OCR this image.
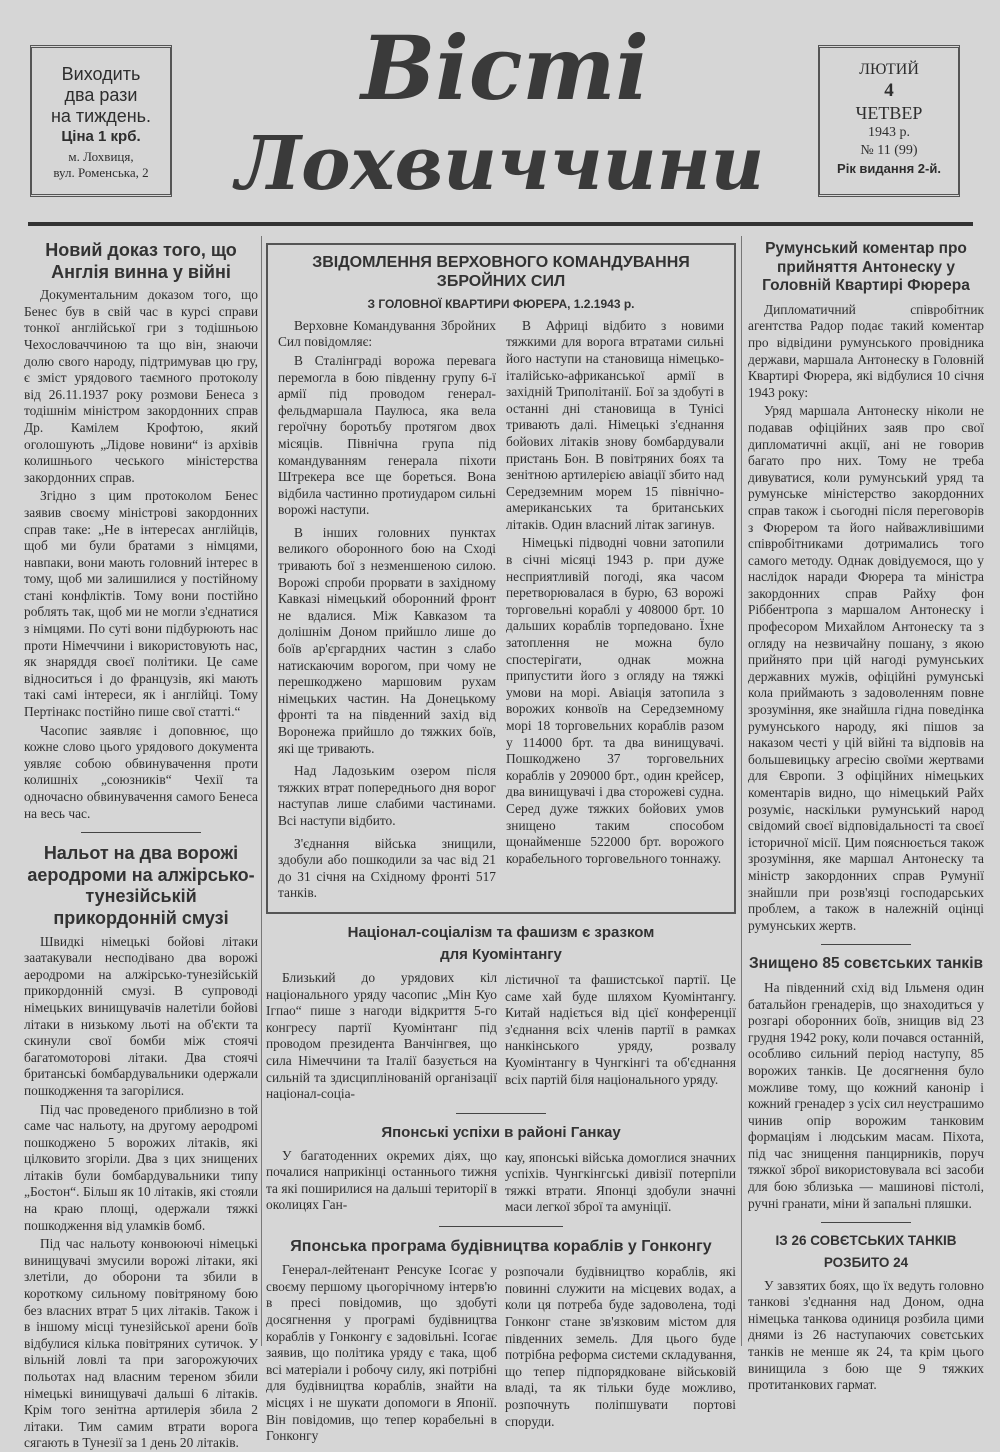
Виходить
два рази
на тиждень.
Ціна 1 крб.
м. Лохвиця,
вул. Роменська, 2
Вісті
Лохвиччини
ЛЮТИЙ
4
ЧЕТВЕР
1943 р.
№ 11 (99)
Рік видання 2-й.
Новий доказ того, що Англія винна у війні

Документальним доказом того, що Бенес був в свій час в курсі справи тонкої англійської гри з тодішньою Чехословаччиною та що він, знаючи долю свого народу, підтримував цю гру, є зміст урядового таємного протоколу від 26.11.1937 року розмови Бенеса з тодішнім міністром закордонних справ Др. Камілем Крофтою, який оголошують „Лідове новини“ із архівів колишнього чеського міністерства закордонних справ.

Згідно з цим протоколом Бенес заявив своєму міністрові закордонних справ таке: „Не в інтересах англійців, щоб ми були братами з німцями, навпаки, вони мають головний інтерес в тому, щоб ми залишилися у постійному стані конфліктів. Тому вони постійно роблять так, щоб ми не могли з'єднатися з німцями. По суті вони підбурюють нас проти Німеччини і використовують нас, як знаряддя своєї політики. Це саме відноситься і до французів, які мають такі самі інтереси, як і англійці. Тому Пертінакс постійно пише свої статті.“

Часопис заявляє і доповнює, що кожне слово цього урядового документа уявляє собою обвинувачення проти колишніх „союзників“ Чехії та одночасно обвинувачення самого Бенеса на весь час.

Нальот на два ворожі аеродроми на алжірсько-тунезійській прикордонній смузі

Швидкі німецькі бойові літаки заатакували несподівано два ворожі аеродроми на алжірсько-тунезійській прикордонній смузі. В супроводі німецьких винищувачів налетіли бойові літаки в низькому льоті на об'єкти та скинули свої бомби між стоячі багатомоторові літаки. Два стоячі британські бомбардувальники одержали пошкодження та загорілися.

Під час проведеного приблизно в той саме час нальоту, на другому аеродромі пошкоджено 5 ворожих літаків, які цілковито згоріли. Два з цих знищених літаків були бомбардувальники типу „Бостон“. Більш як 10 літаків, які стояли на краю площі, одержали тяжкі пошкодження від уламків бомб.

Під час нальоту конвоюючі німецькі винищувачі змусили ворожі літаки, які злетіли, до оборони та збили в короткому сильному повітряному бою без власних втрат 5 цих літаків. Також і в іншому місці тунезійської арени боїв відбулися кілька повітряних сутичок. У вільній ловлі та при загорожуючих польотах над власним тереном збили німецькі винищувачі дальші 6 літаків. Крім того зенітна артилерія збила 2 літаки. Тим самим втрати ворога сягають в Тунезії за 1 день 20 літаків.

ЗВІДОМЛЕННЯ ВЕРХОВНОГО КОМАНДУВАННЯ ЗБРОЙНИХ СИЛ
З ГОЛОВНОЇ КВАРТИРИ ФЮРЕРА, 1.2.1943 р.

Верховне Командування Збройних Сил повідомляє:

В Сталінграді ворожа перевага перемогла в бою південну групу 6-ї армії під проводом генерал-фельдмаршала Паулюса, яка вела героїчну боротьбу протягом двох місяців. Північна група під командуванням генерала піхоти Штрекера все ще бореться. Вона відбила частинно протиударом сильні ворожі наступи.

В інших головних пунктах великого оборонного бою на Сході тривають бої з незменшеною силою. Ворожі спроби прорвати в західному Кавказі німецький оборонний фронт не вдалися. Між Кавказом та долішнім Доном прийшло лише до боїв ар'єргардних частин з слабо натискаючим ворогом, при чому не перешкоджено маршовим рухам німецьких частин. На Донецькому фронті та на південний захід від Воронежа прийшло до тяжких боїв, які ще тривають.

Над Ладозьким озером після тяжких втрат попереднього дня ворог наступав лише слабими частинами. Всі наступи відбито.

З'єднання війська знищили, здобули або пошкодили за час від 21 до 31 січня на Східному фронті 517 танків.

В Африці відбито з новими тяжкими для ворога втратами сильні його наступи на становища німецько-італійсько-африканської армії в західній Триполітанії. Бої за здобуті в останні дні становища в Тунісі тривають далі. Німецькі з'єднання бойових літаків знову бомбардували пристань Бон. В повітряних боях та зенітною артилерією авіації збито над Середземним морем 15 північно-американських та британських літаків. Один власний літак загинув.

Німецькі підводні човни затопили в січні місяці 1943 р. при дуже несприятливій погоді, яка часом перетворювалася в бурю, 63 ворожі торговельні кораблі у 408000 брт. 10 дальших кораблів торпедовано. Їхне затоплення не можна було спостерігати, однак можна припустити його з огляду на тяжкі умови на морі. Авіація затопила з ворожих конвоїв на Середземному морі 18 торговельних кораблів разом у 114000 брт. та два винищувачі. Пошкоджено 37 торговельних кораблів у 209000 брт., один крейсер, два винищувачі і два сторожеві судна. Серед дуже тяжких бойових умов знищено таким способом щонайменше 522000 брт. ворожого корабельного торговельного тоннажу.

Націонал-соціалізм та фашизм є зразком
для Куомінтангу

Близький до урядових кіл національного уряду часопис „Мін Куо Ігпао“ пише з нагоди відкриття 5-го конгресу партії Куомінтанг під проводом президента Ванчінгвея, що сила Німеччини та Італії базується на сильній та здисциплінованій організації націонал-соціа-

лістичної та фашистської партії. Це саме хай буде шляхом Куомінтангу. Китай надіється від цієї конференції з'єднання всіх членів партії в рамках нанкінського уряду, розвалу Куомінтангу в Чунгкінгі та об'єднання всіх партій біля національного уряду.

Японські успіхи в районі Ганкау

У багатоденних окремих діях, що почалися наприкінці останнього тижня та які поширилися на дальші території в околицях Ган-

кау, японські війська домоглися значних успіхів. Чунгкінгські дивізії потерпіли тяжкі втрати. Японці здобули значні маси легкої зброї та амуніції.

Японська програма будівництва кораблів у Гонконгу

Генерал-лейтенант Ренсуке Ісогає у своєму першому цьогорічному інтерв'ю в пресі повідомив, що здобуті досягнення у програмі будівництва кораблів у Гонконгу є задовільні. Ісогає заявив, що політика уряду є така, щоб всі матеріали і робочу силу, які потрібні для будівництва кораблів, знайти на місцях і не шукати допомоги в Японії. Він повідомив, що тепер корабельні в Гонконгу

розпочали будівництво кораблів, які повинні служити на місцевих водах, а коли ця потреба буде задоволена, тоді Гонконг стане зв'язковим містом для південних земель. Для цього буде потрібна реформа системи складування, що тепер підпорядковане військовій владі, та як тільки буде можливо, розпочнуть поліпшувати портові споруди.

Румунський коментар про прийняття Антонеску у Головній Квартирі Фюрера

Дипломатичний співробітник агентства Радор подає такий коментар про відвідини румунського провідника держави, маршала Антонеску в Головній Квартирі Фюрера, які відбулися 10 січня 1943 року:

Уряд маршала Антонеску ніколи не подавав офіційних заяв про свої дипломатичні акції, ані не говорив багато про них. Тому не треба дивуватися, коли румунський уряд та румунське міністерство закордонних справ також і сьогодні після переговорів з Фюрером та його найважливішими співробітниками дотримались того самого методу. Однак довідуємося, що у наслідок наради Фюрера та міністра закордонних справ Райху фон Ріббентропа з маршалом Антонеску і професором Михайлом Антонеску та з огляду на незвичайну пошану, з якою прийнято при цій нагоді румунських державних мужів, офіційні румунські кола приймають з задоволенням повне зрозуміння, яке знайшла гідна поведінка румунського народу, які пішов за наказом честі у цій війні та відповів на большевицьку агресію своїми жертвами для Європи. З офіційних німецьких коментарів видно, що німецький Райх розуміє, наскільки румунський народ свідомий своєї відповідальності та своєї історичної місії. Цим пояснюється також зрозуміння, яке маршал Антонеску та міністр закордонних справ Румунії знайшли при розв'язці господарських проблем, а також в належній оцінці румунських жертв.

Знищено 85 совєтських танків

На південний схід від Ільменя один батальйон гренадерів, що знаходиться у розгарі оборонних боїв, знищив від 23 грудня 1942 року, коли почався останній, особливо сильний період наступу, 85 ворожих танків. Це досягнення було можливе тому, що кожний канонір і кожний гренадер з усіх сил неустрашимо чинив опір ворожим танковим формаціям і людським масам. Піхота, під час знищення панцирників, поруч тяжкої зброї використовувала всі засоби для бою зблизька — машинові пістолі, ручні гранати, міни й запальні пляшки.

ІЗ 26 СОВЄТСЬКИХ ТАНКІВ
РОЗБИТО 24

У завзятих боях, що їх ведуть головно танкові з'єднання над Доном, одна німецька танкова одиниця розбила цими днями із 26 наступаючих совєтських танків не менше як 24, та крім цього винищила з бою ще 9 тяжких протитанкових гармат.
